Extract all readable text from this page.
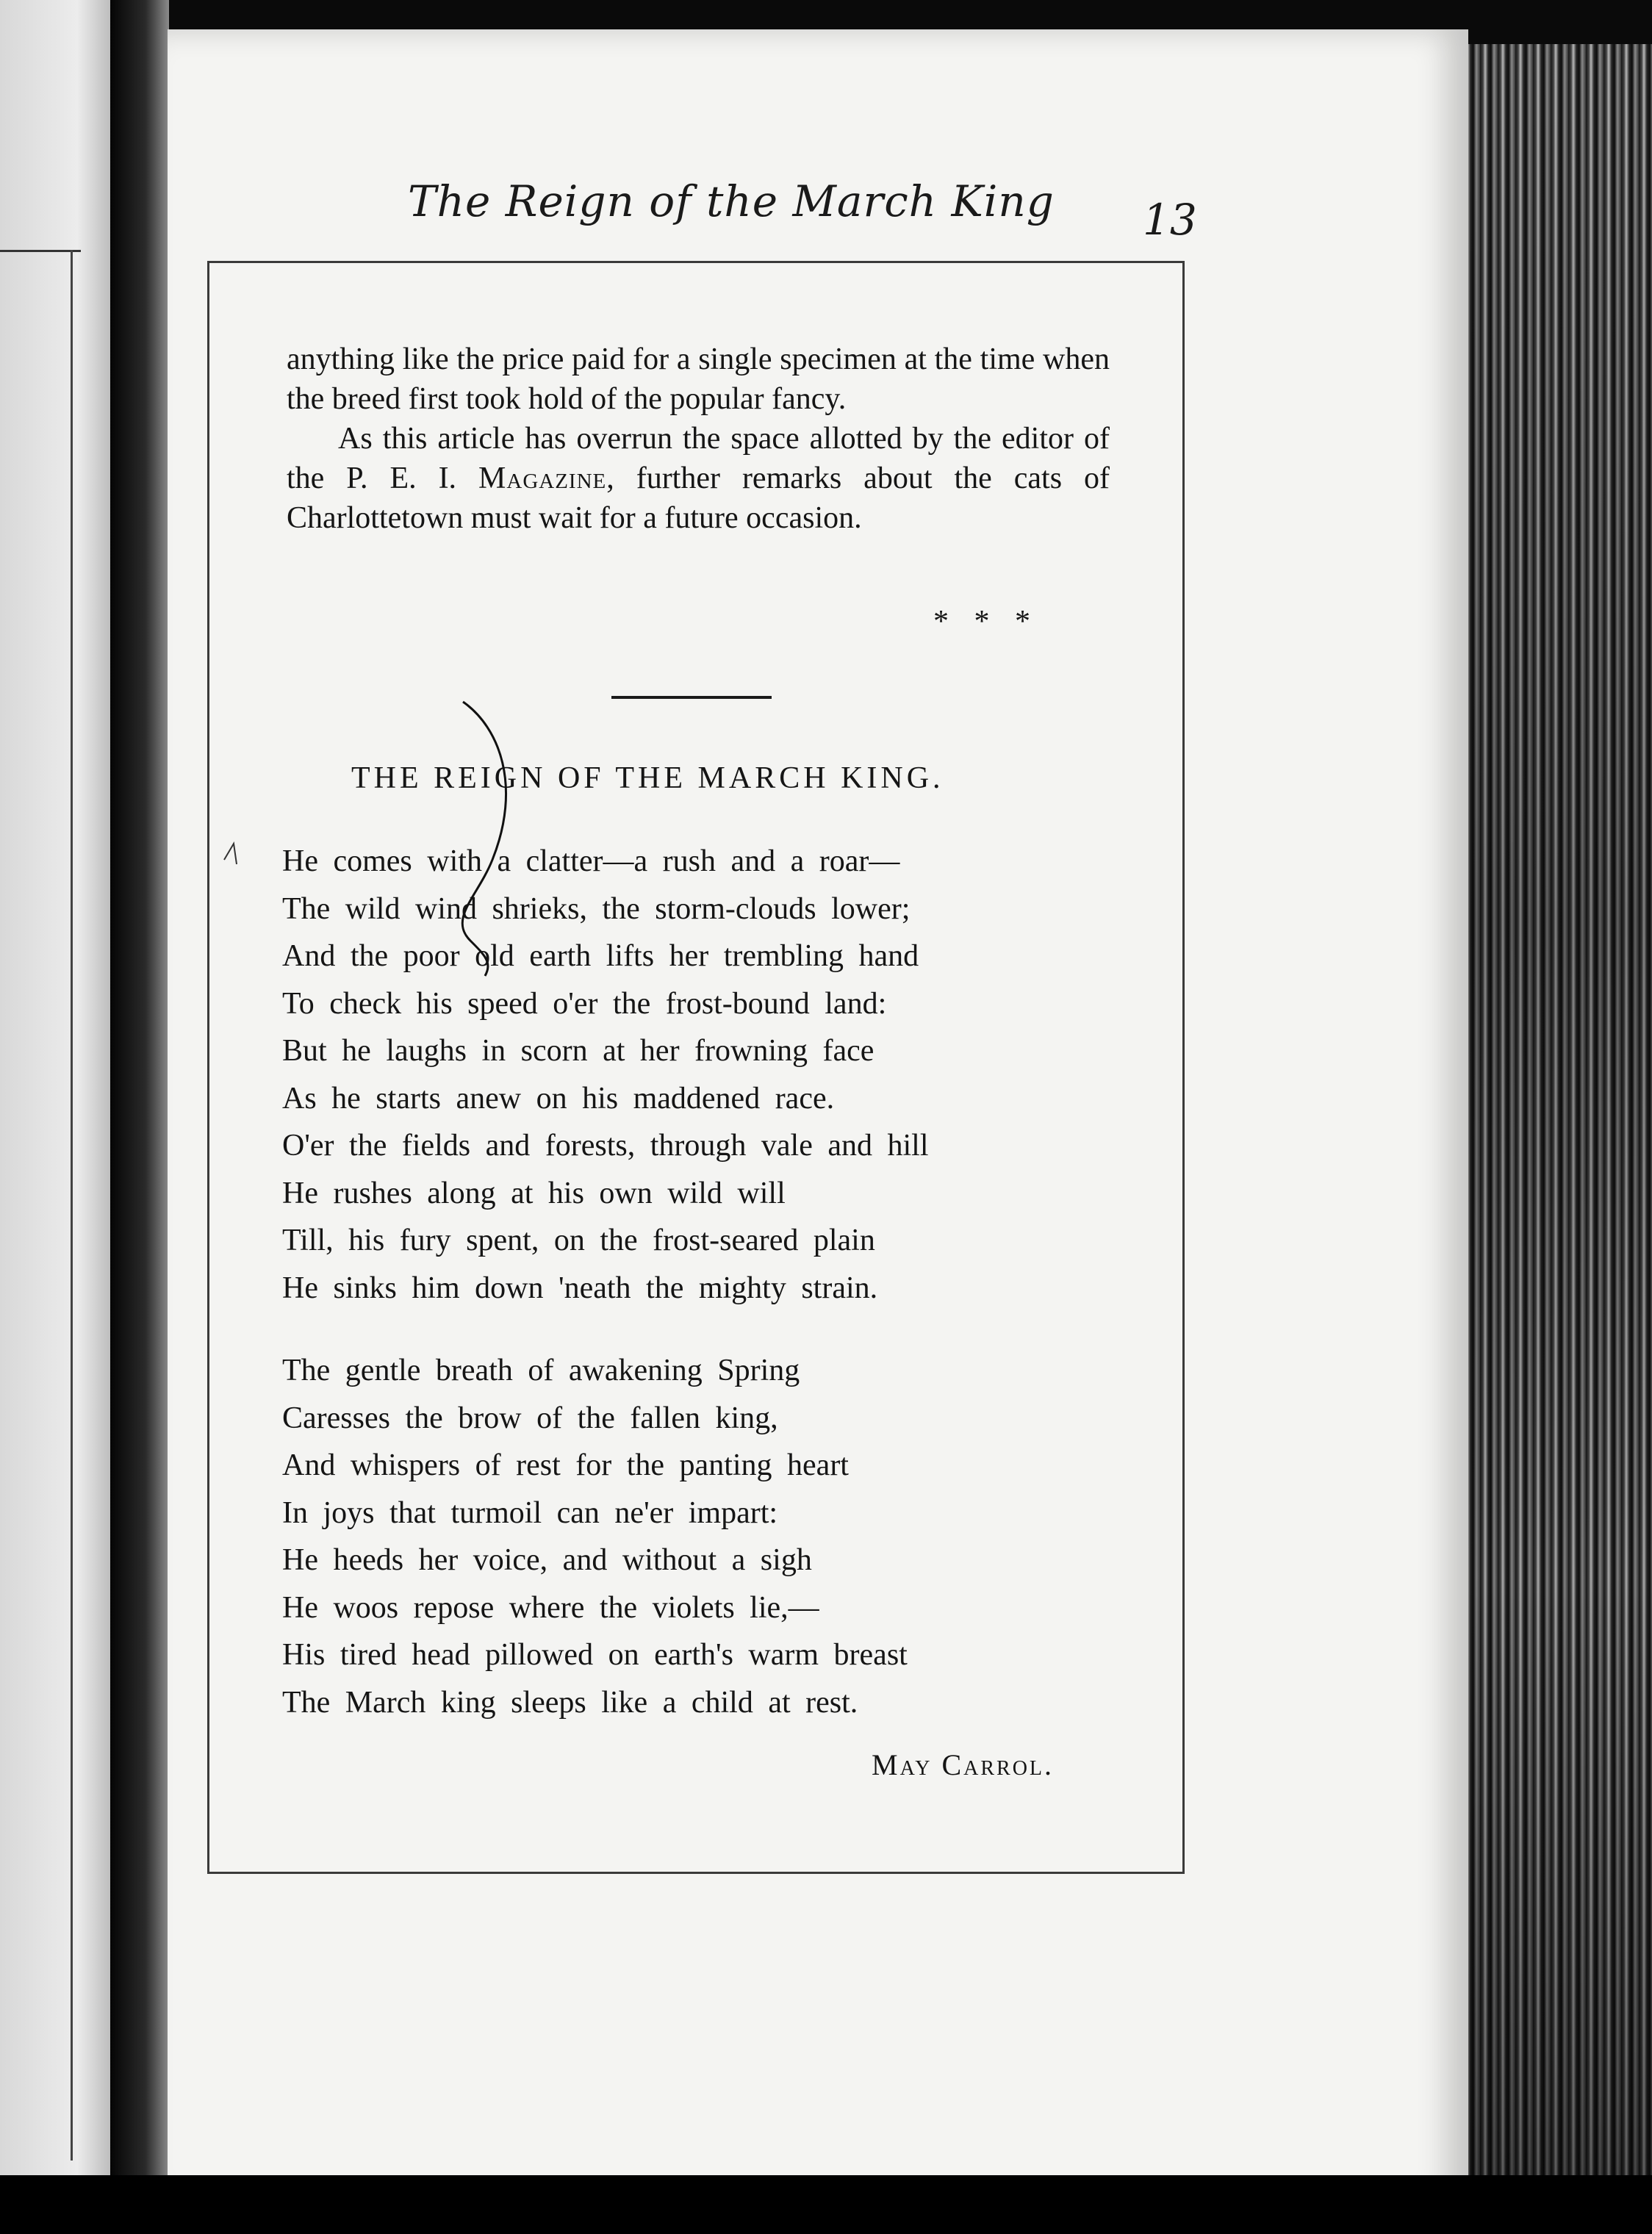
The Reign of the March King 13

anything like the price paid for a single specimen at the time when the breed first took hold of the popular fancy.

As this article has overrun the space allotted by the editor of the P. E. I. Magazine, further remarks about the cats of Charlottetown must wait for a future occasion.

* * *
THE REIGN OF THE MARCH KING.
He comes with a clatter—a rush and a roar—
The wild wind shrieks, the storm-clouds lower;
And the poor old earth lifts her trembling hand
To check his speed o'er the frost-bound land:
But he laughs in scorn at her frowning face
As he starts anew on his maddened race.
O'er the fields and forests, through vale and hill
He rushes along at his own wild will
Till, his fury spent, on the frost-seared plain
He sinks him down 'neath the mighty strain.
The gentle breath of awakening Spring
Caresses the brow of the fallen king,
And whispers of rest for the panting heart
In joys that turmoil can ne'er impart:
He heeds her voice, and without a sigh
He woos repose where the violets lie,—
His tired head pillowed on earth's warm breast
The March king sleeps like a child at rest.
May Carrol.
